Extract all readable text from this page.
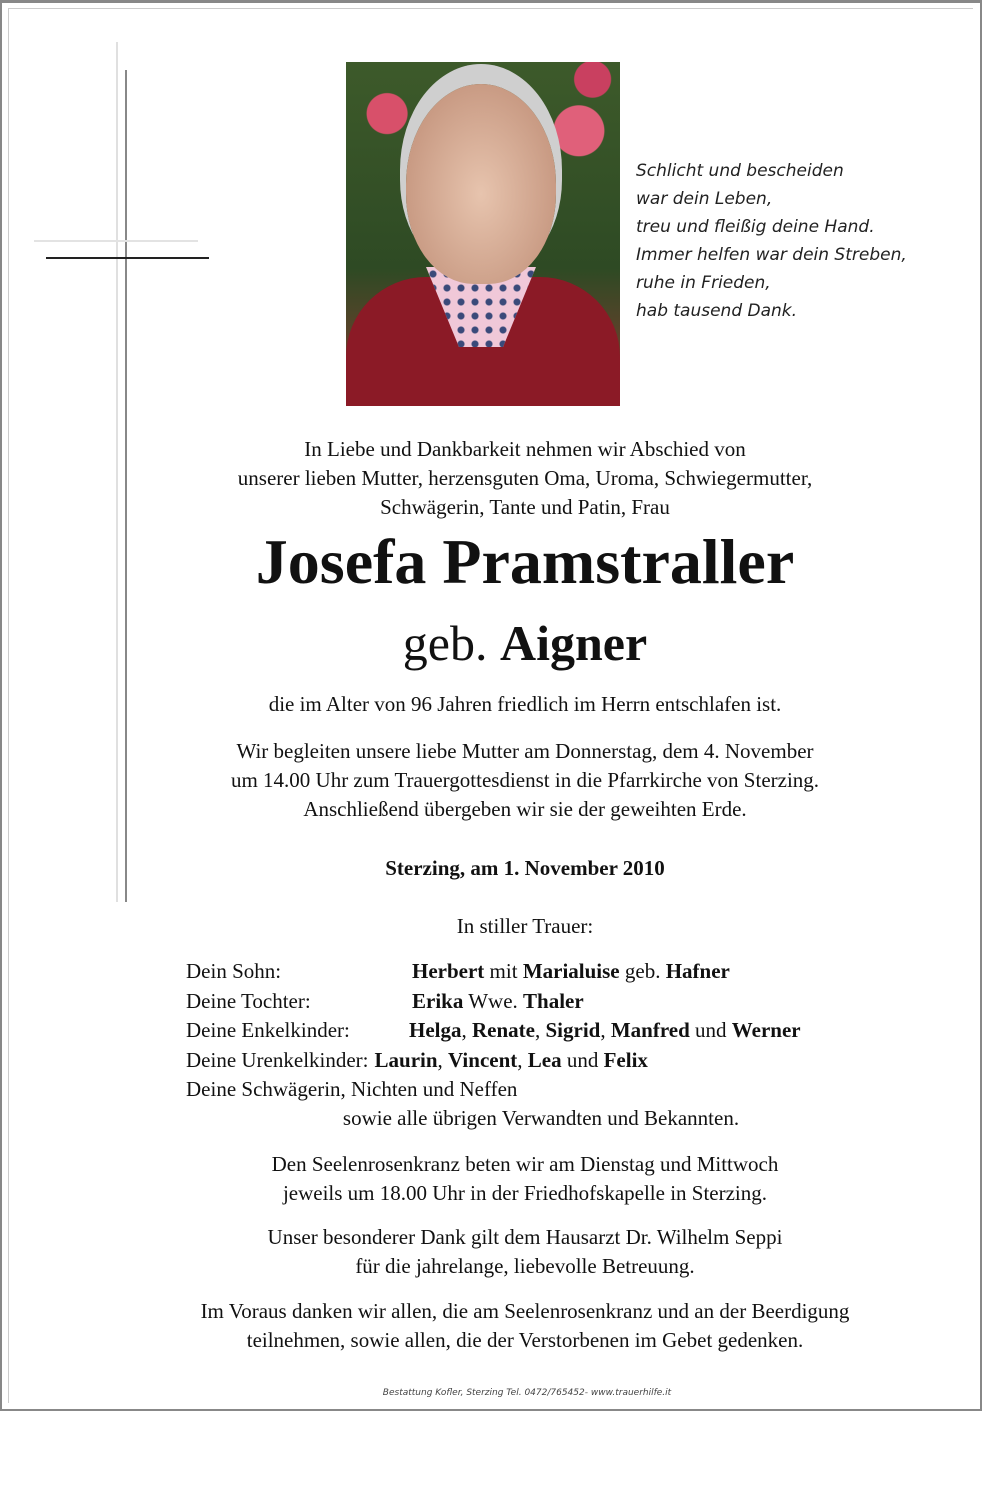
Schlicht und bescheiden
war dein Leben,
treu und fleißig deine Hand.
Immer helfen war dein Streben,
ruhe in Frieden,
hab tausend Dank.
In Liebe und Dankbarkeit nehmen wir Abschied von
unserer lieben Mutter, herzensguten Oma, Uroma, Schwiegermutter,
Schwägerin, Tante und Patin, Frau
Josefa Pramstraller
geb. Aigner
die im Alter von 96 Jahren friedlich im Herrn entschlafen ist.
Wir begleiten unsere liebe Mutter am Donnerstag, dem 4. November
um 14.00 Uhr zum Trauergottesdienst in die Pfarrkirche von Sterzing.
Anschließend übergeben wir sie der geweihten Erde.
Sterzing, am 1. November 2010
In stiller Trauer:
Dein Sohn:	Herbert mit Marialuise geb. Hafner
Deine Tochter:	Erika Wwe. Thaler
Deine Enkelkinder:	Helga, Renate, Sigrid, Manfred und Werner
Deine Urenkelkinder: Laurin, Vincent, Lea und Felix
Deine Schwägerin, Nichten und Neffen
sowie alle übrigen Verwandten und Bekannten.
Den Seelenrosenkranz beten wir am Dienstag und Mittwoch
jeweils um 18.00 Uhr in der Friedhofskapelle in Sterzing.
Unser besonderer Dank gilt dem Hausarzt Dr. Wilhelm Seppi
für die jahrelange, liebevolle Betreuung.
Im Voraus danken wir allen, die am Seelenrosenkranz und an der Beerdigung
teilnehmen, sowie allen, die der Verstorbenen im Gebet gedenken.
Bestattung Kofler, Sterzing Tel. 0472/765452- www.trauerhilfe.it
